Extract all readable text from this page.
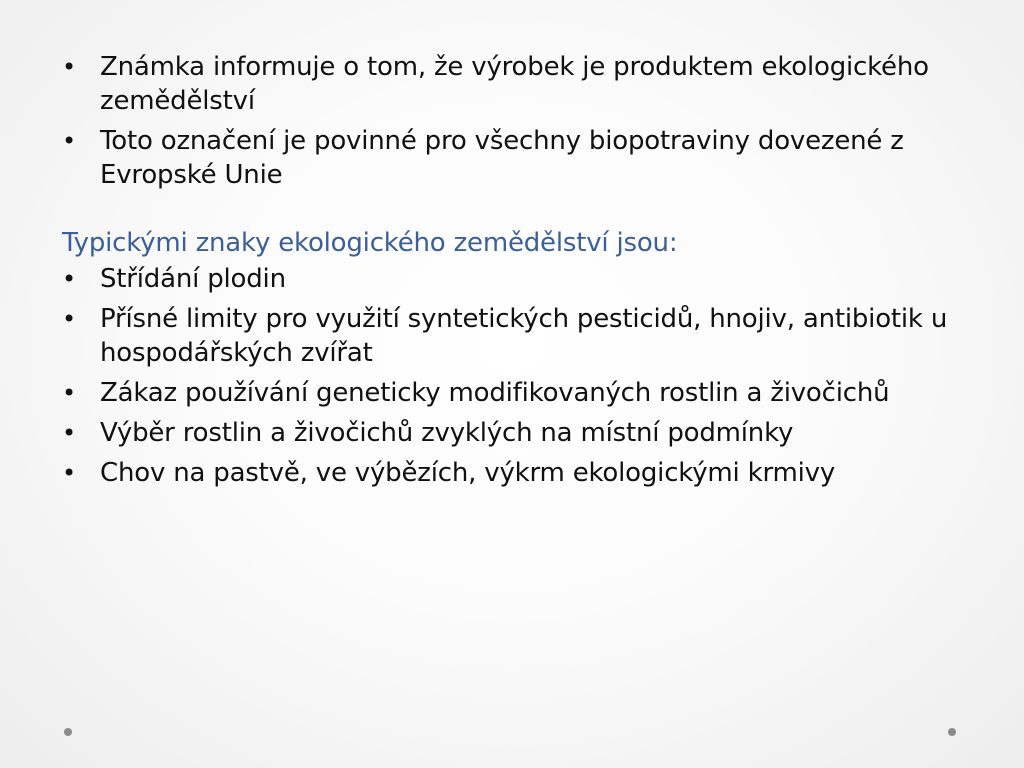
• Známka informuje o tom, že výrobek je produktem ekologického zemědělství
• Toto označení je povinné pro všechny biopotraviny dovezené z Evropské Unie
Typickými znaky ekologického zemědělství jsou:
• Střídání plodin
• Přísné limity pro využití syntetických pesticidů, hnojiv, antibiotik u hospodářských zvířat
• Zákaz používání geneticky modifikovaných rostlin a živočichů
• Výběr rostlin a živočichů zvyklých na místní podmínky
• Chov na pastvě, ve výbězích, výkrm ekologickými krmivy
